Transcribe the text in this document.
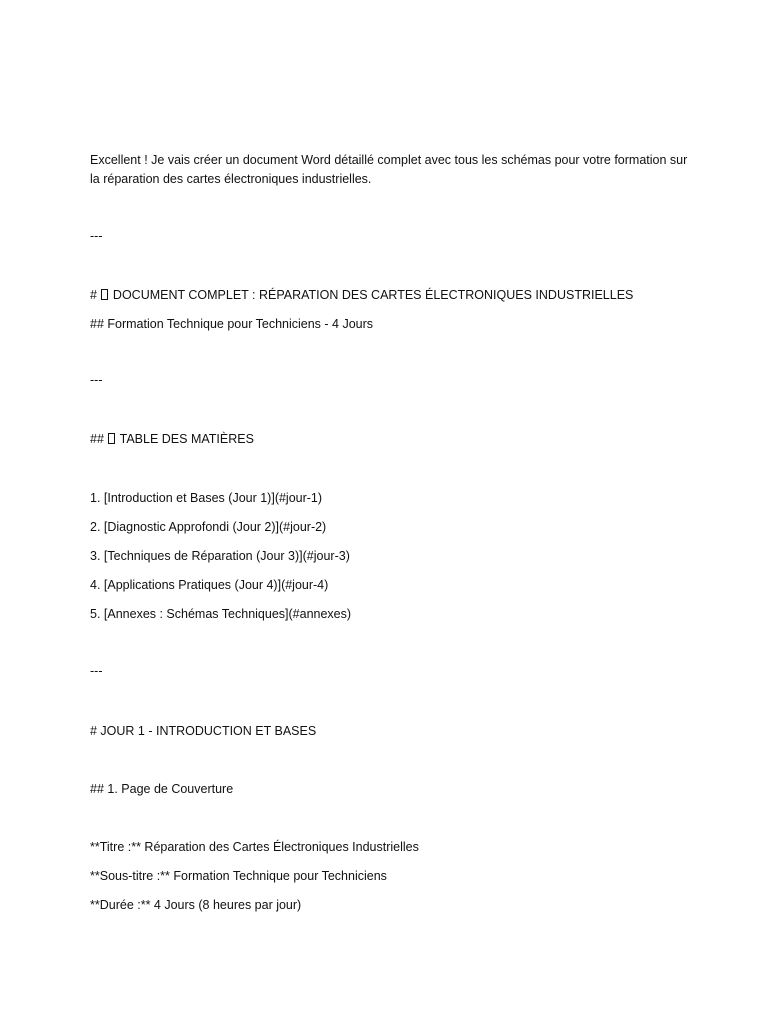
Excellent ! Je vais créer un document Word détaillé complet avec tous les schémas pour votre formation sur la réparation des cartes électroniques industrielles.
---
#  DOCUMENT COMPLET : RÉPARATION DES CARTES ÉLECTRONIQUES INDUSTRIELLES
## Formation Technique pour Techniciens - 4 Jours
---
##  TABLE DES MATIÈRES
1. [Introduction et Bases (Jour 1)](#jour-1)
2. [Diagnostic Approfondi (Jour 2)](#jour-2)
3. [Techniques de Réparation (Jour 3)](#jour-3)
4. [Applications Pratiques (Jour 4)](#jour-4)
5. [Annexes : Schémas Techniques](#annexes)
---
# JOUR 1 - INTRODUCTION ET BASES
## 1. Page de Couverture
**Titre :** Réparation des Cartes Électroniques Industrielles
**Sous-titre :** Formation Technique pour Techniciens
**Durée :** 4 Jours (8 heures par jour)
